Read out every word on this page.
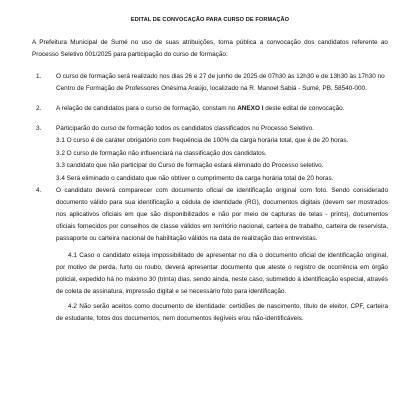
EDITAL DE CONVOCAÇÃO PARA CURSO DE FORMAÇÃO

A Prefeitura Municipal de Sumé no uso de suas atribuições, torna pública a convocação dos candidatos referente ao Processo Seletivo 001/2025 para participação do curso de formação:

1. O curso de formação será realizado nos dias 26 e 27 de junho de 2025 de 07h30 às 12h30 e de 13h30 às 17h30 no Centro de Formação de Professores Onésima Araújo, localizado na R. Manoel Sabiá - Sumé, PB, 58540-000.
2. A relação de candidatos para o curso de formação, constam no ANEXO I deste edital de convocação.
3. Participarão do curso de formação todos os candidatos classificados no Processo Seletivo.
3.1 O curso é de caráter obrigatório com frequência de 100% da carga horária total, que é de 20 horas.
3.2 O curso de formação não influenciará na classificação dos candidatos.
3.3 candidato que não participar do Curso de formação estará eliminado do Processo seletivo.
3.4 Será eliminado o candidato que não obtiver o cumprimento da carga horária total de 20 horas.
4. O candidato deverá comparecer com documento oficial de identificação original com foto. Sendo considerado documento válido para sua identificação a cédula de identidade (RG), documentos digitais (devem ser mostrados nos aplicativos oficiais em que são disponibilizados e não por meio de capturas de telas - prints), documentos oficiais fornecidos por conselhos de classe válidos em território nacional, carteira de trabalho, carteira de reservista, passaporte ou carteira nacional de habilitação válidos na data de realização das entrevistas.
4.1 Caso o candidato esteja impossibilitado de apresentar no dia o documento oficial de identificação original, por motivo de perda, furto ou roubo, deverá apresentar documento que ateste o registro de ocorrência em órgão policial, expedido há no máximo 30 (trinta) dias, sendo ainda, neste caso, submetido à identificação especial, através de coleta de assinatura, impressão digital e se necessário foto para identificação.
4.2 Não serão aceitos como documento de identidade: certidões de nascimento, título de eleitor, CPF, carteira de estudante, fotos dos documentos, nem documentos ilegíveis e/ou não-identificáveis.
